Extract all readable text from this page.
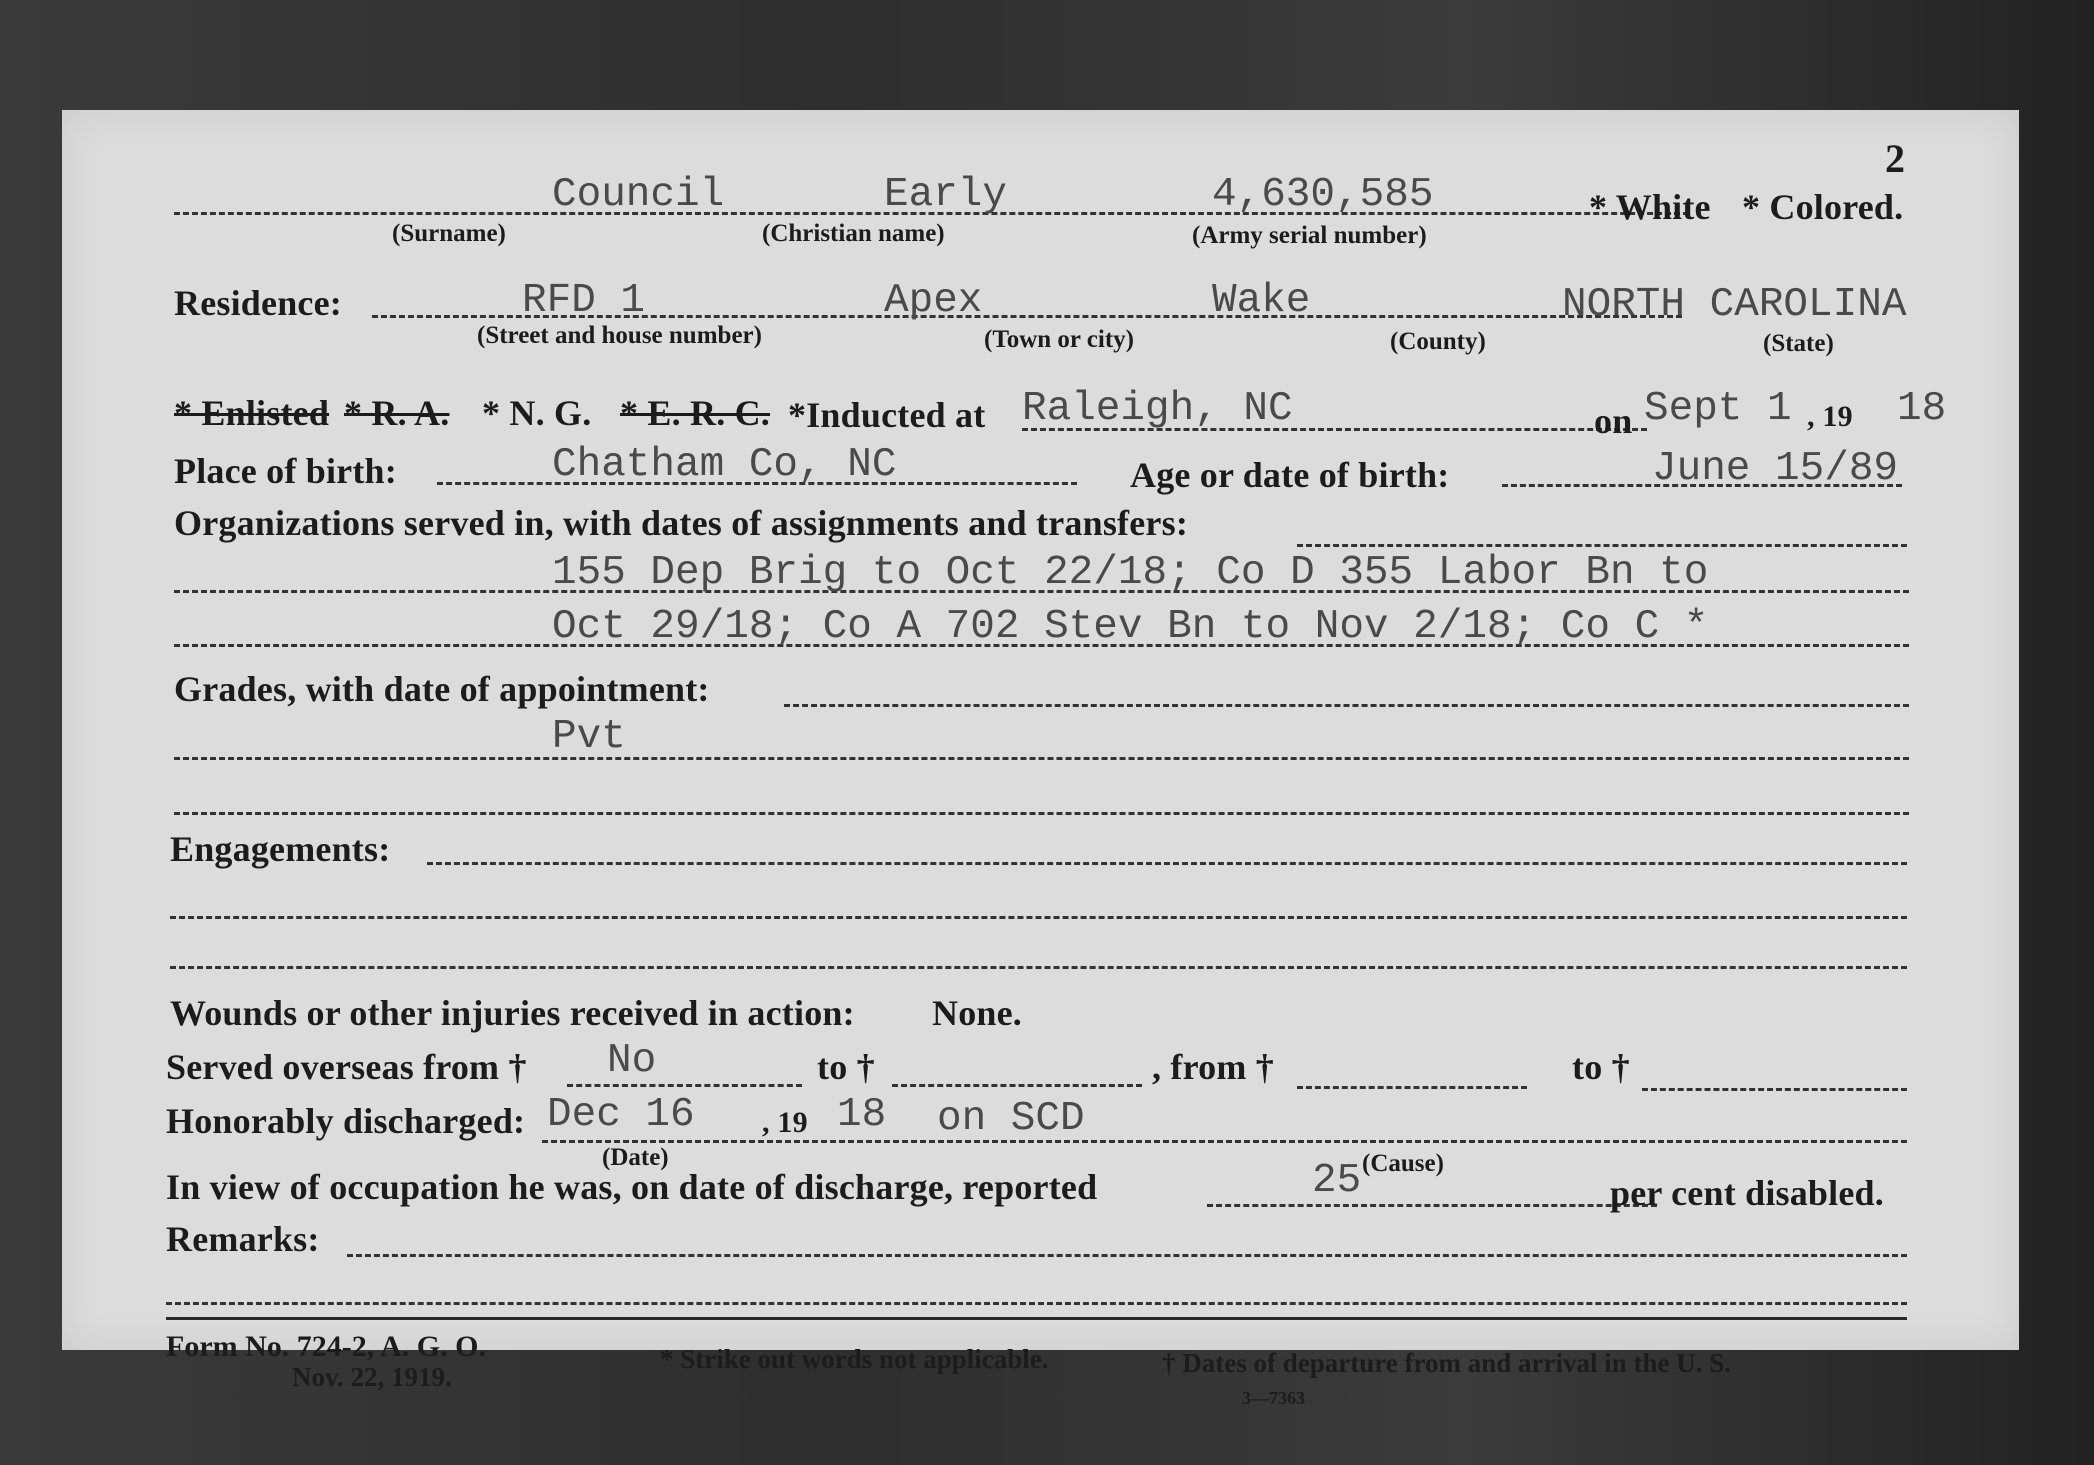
2
Council	Early	4,630,585
(Surname)	(Christian name)	(Army serial number)
* White * Colored.
Residence:	RFD 1	Apex	Wake	NORTH CAROLINA
(Street and house number)	(Town or city)	(County)	(State)
* Enlisted * R. A. * N. G. * E. R. C. *Inducted at Raleigh, NC	on Sept 1 , 19 18
Place of birth:	Chatham Co, NC	Age or date of birth:	June 15/89
Organizations served in, with dates of assignments and transfers:
155 Dep Brig to Oct 22/18; Co D 355 Labor Bn to
Oct 29/18; Co A 702 Stev Bn to Nov 2/18; Co C *
Grades, with date of appointment:
Pvt
Engagements:
Wounds or other injuries received in action: None.
Served overseas from † No	to †	, from †	to †
Honorably discharged: Dec 16 , 19 18 on SCD
(Date)	(Cause)
In view of occupation he was, on date of discharge, reported	25	per cent disabled.
Remarks:
Form No. 724-2, A. G. O.
Nov. 22, 1919.
* Strike out words not applicable.	† Dates of departure from and arrival in the U. S.
3—7363
